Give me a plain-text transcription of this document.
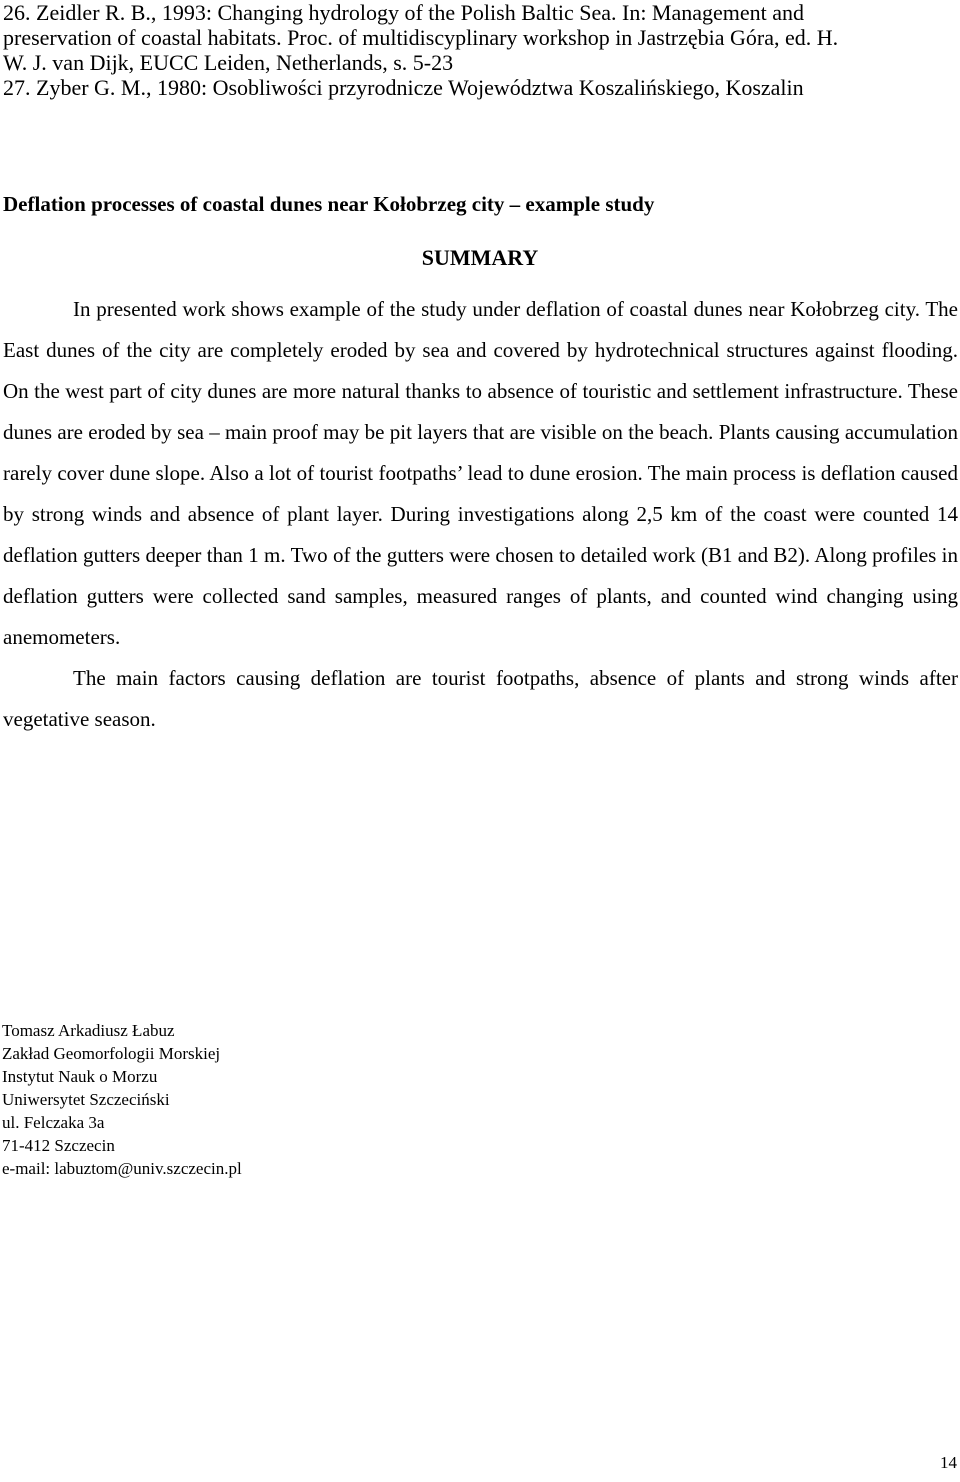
26. Zeidler R. B., 1993: Changing hydrology of the Polish Baltic Sea. In: Management and
preservation of coastal habitats. Proc. of multidiscyplinary workshop in Jastrzębia Góra, ed. H.
W. J. van Dijk, EUCC Leiden, Netherlands, s. 5-23

27. Zyber G. M., 1980: Osobliwości przyrodnicze Województwa Koszalińskiego, Koszalin

Deflation processes of coastal dunes near Kołobrzeg city – example study
SUMMARY

In presented work shows example of the study under deflation of coastal dunes near Kołobrzeg city. The East dunes of the city are completely eroded by sea and covered by hydrotechnical structures against flooding. On the west part of city dunes are more natural thanks to absence of touristic and settlement infrastructure. These dunes are eroded by sea – main proof may be pit layers that are visible on the beach. Plants causing accumulation rarely cover dune slope. Also a lot of tourist footpaths’ lead to dune erosion. The main process is deflation caused by strong winds and absence of plant layer. During investigations along 2,5 km of the coast were counted 14 deflation gutters deeper than 1 m. Two of the gutters were chosen to detailed work (B1 and B2). Along profiles in deflation gutters were collected sand samples, measured ranges of plants, and counted wind changing using anemometers.

The main factors causing deflation are tourist footpaths, absence of plants and strong winds after vegetative season.

Tomasz Arkadiusz Łabuz
Zakład Geomorfologii Morskiej
Instytut Nauk o Morzu
Uniwersytet Szczeciński
ul. Felczaka 3a
71-412 Szczecin
e-mail: labuztom@univ.szczecin.pl
14
